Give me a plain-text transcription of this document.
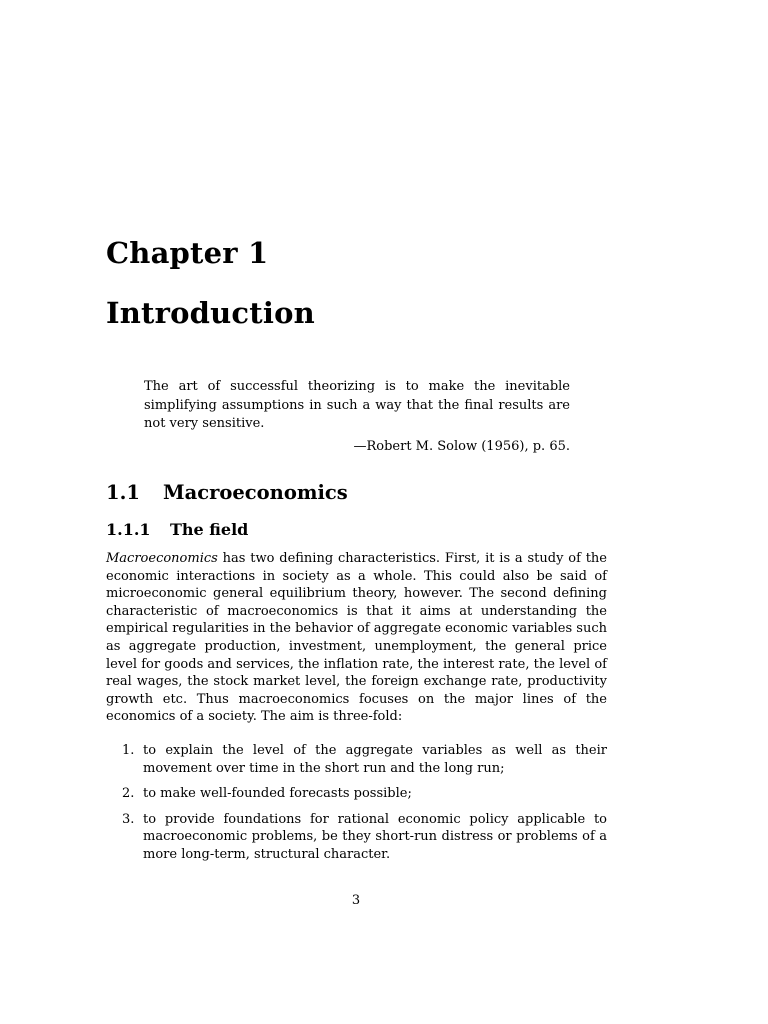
Chapter 1
Introduction

The art of successful theorizing is to make the inevitable simplifying assumptions in such a way that the final results are not very sensitive.

—Robert M. Solow (1956), p. 65.

1.1 Macroeconomics
1.1.1 The field

Macroeconomics has two defining characteristics. First, it is a study of the economic interactions in society as a whole. This could also be said of microeconomic general equilibrium theory, however. The second defining characteristic of macroeconomics is that it aims at understanding the empirical regularities in the behavior of aggregate economic variables such as aggregate production, investment, unemployment, the general price level for goods and services, the inflation rate, the interest rate, the level of real wages, the stock market level, the foreign exchange rate, productivity growth etc. Thus macroeconomics focuses on the major lines of the economics of a society. The aim is three-fold:

1. to explain the level of the aggregate variables as well as their movement over time in the short run and the long run;
2. to make well-founded forecasts possible;
3. to provide foundations for rational economic policy applicable to macroeconomic problems, be they short-run distress or problems of a more long-term, structural character.

3
